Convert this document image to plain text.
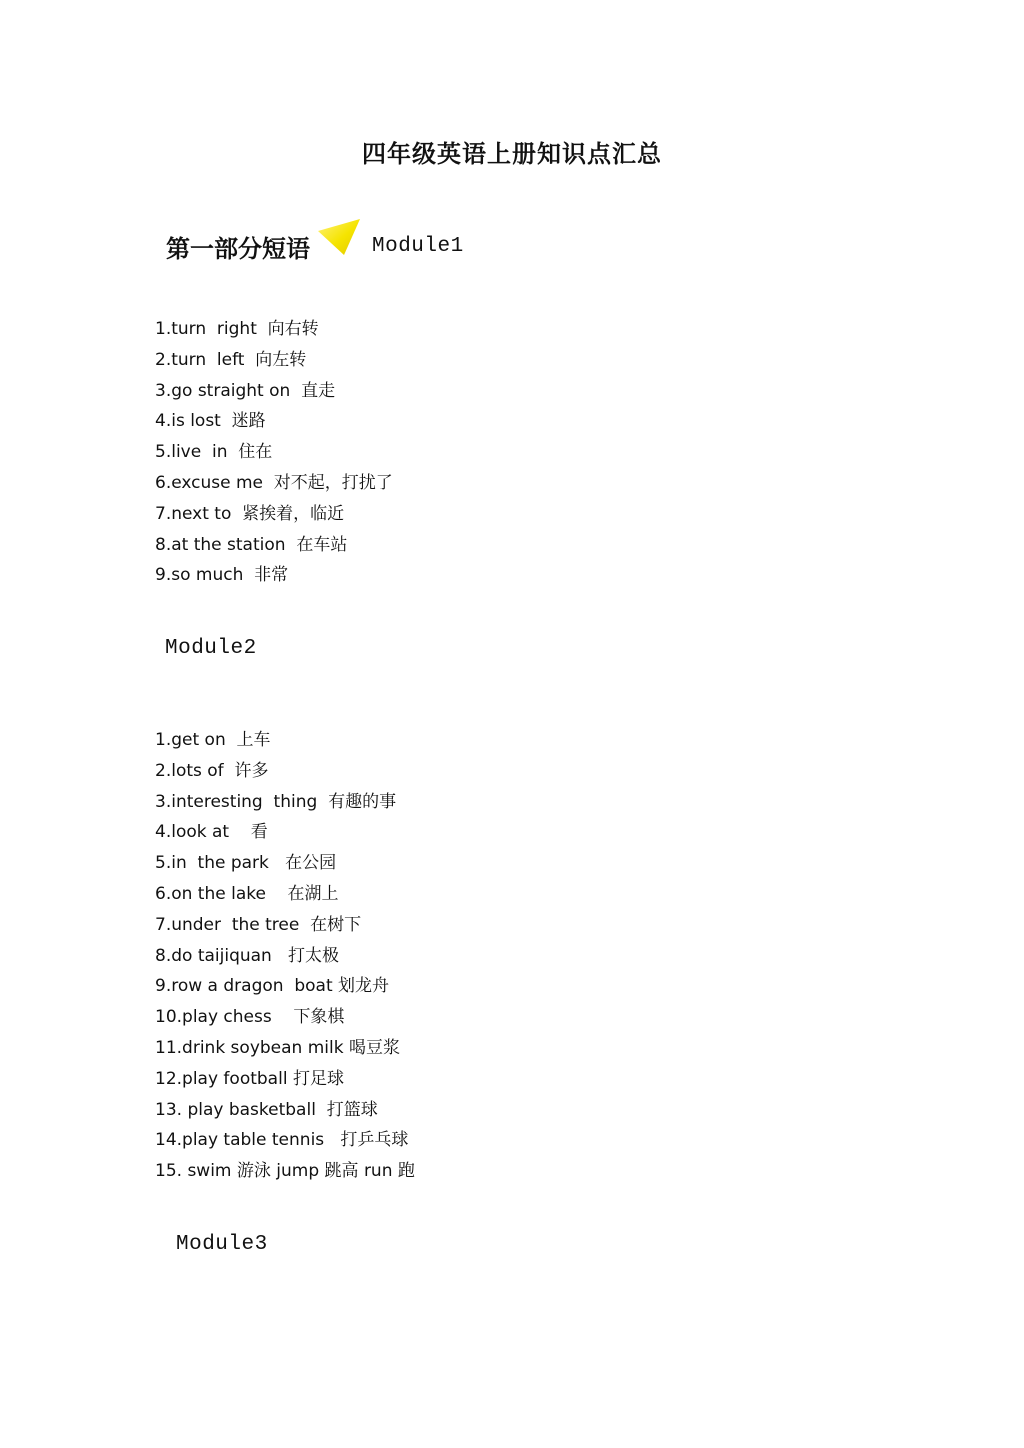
四年级英语上册知识点汇总
第一部分短语	Module1
1.turn  right  向右转
2.turn  left  向左转
3.go straight on  直走
4.is lost  迷路
5.live  in  住在
6.excuse me  对不起，打扰了
7.next to  紧挨着，临近
8.at the station  在车站
9.so much  非常
Module2
1.get on  上车
2.lots of  许多
3.interesting  thing  有趣的事
4.look at    看
5.in  the park   在公园
6.on the lake    在湖上
7.under  the tree  在树下
8.do taijiquan   打太极
9.row a dragon  boat 划龙舟
10.play chess    下象棋
11.drink soybean milk 喝豆浆
12.play football 打足球
13. play basketball  打篮球
14.play table tennis   打乒乓球
15. swim 游泳 jump 跳高 run 跑
Module3
